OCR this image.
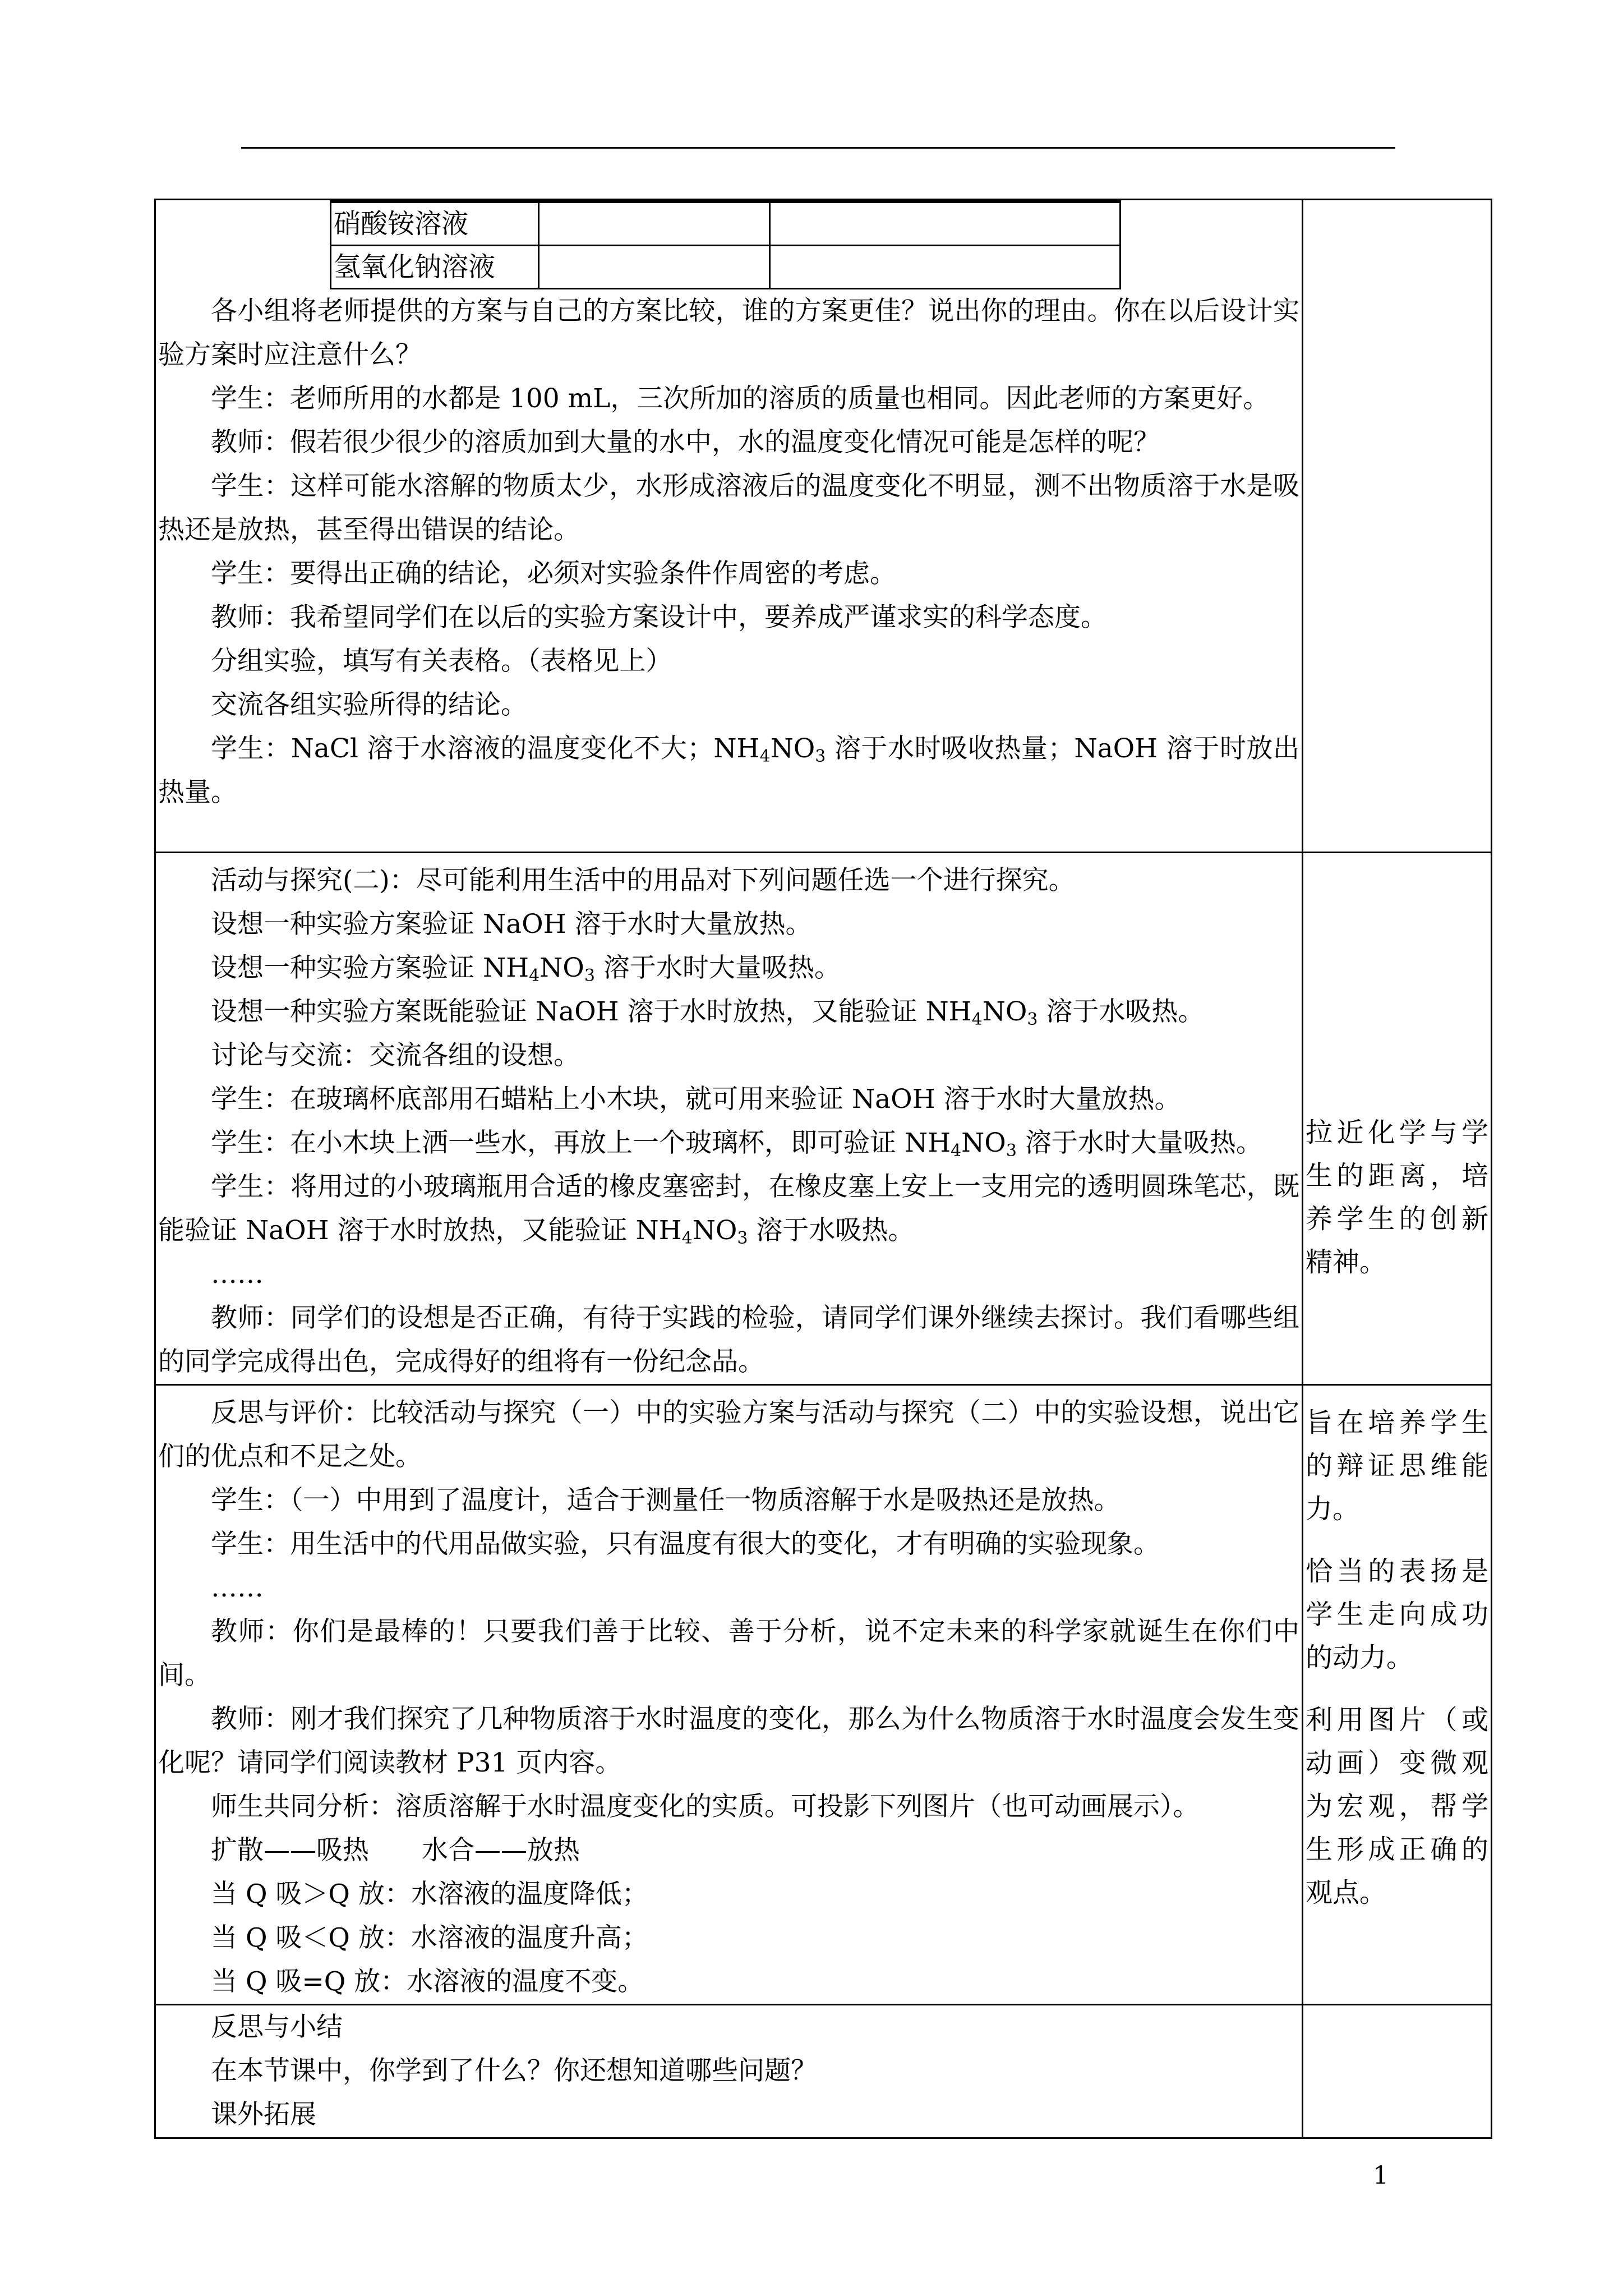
硝酸铵溶液		
氢氧化钠溶液		

各小组将老师提供的方案与自己的方案比较，谁的方案更佳？说出你的理由。你在以后设计实验方案时应注意什么？

学生：老师所用的水都是 100 mL，三次所加的溶质的质量也相同。因此老师的方案更好。

教师：假若很少很少的溶质加到大量的水中，水的温度变化情况可能是怎样的呢？

学生：这样可能水溶解的物质太少，水形成溶液后的温度变化不明显，测不出物质溶于水是吸热还是放热，甚至得出错误的结论。

学生：要得出正确的结论，必须对实验条件作周密的考虑。

教师：我希望同学们在以后的实验方案设计中，要养成严谨求实的科学态度。

分组实验，填写有关表格。（表格见上）

交流各组实验所得的结论。

学生：NaCl 溶于水溶液的温度变化不大；$NH_4NO_3$ 溶于水时吸收热量；NaOH 溶于时放出热量。

活动与探究(二)：尽可能利用生活中的用品对下列问题任选一个进行探究。

设想一种实验方案验证 NaOH 溶于水时大量放热。

设想一种实验方案验证 $NH_4NO_3$ 溶于水时大量吸热。

设想一种实验方案既能验证 NaOH 溶于水时放热，又能验证 $NH_4NO_3$ 溶于水吸热。

讨论与交流：交流各组的设想。

学生：在玻璃杯底部用石蜡粘上小木块，就可用来验证 NaOH 溶于水时大量放热。

学生：在小木块上洒一些水，再放上一个玻璃杯，即可验证 $NH_4NO_3$ 溶于水时大量吸热。

学生：将用过的小玻璃瓶用合适的橡皮塞密封，在橡皮塞上安上一支用完的透明圆珠笔芯，既能验证 NaOH 溶于水时放热，又能验证 $NH_4NO_3$ 溶于水吸热。

……

教师：同学们的设想是否正确，有待于实践的检验，请同学们课外继续去探讨。我们看哪些组的同学完成得出色，完成得好的组将有一份纪念品。

拉近化学与学生的距离，培养学生的创新精神。

反思与评价：比较活动与探究（一）中的实验方案与活动与探究（二）中的实验设想，说出它们的优点和不足之处。

学生：（一）中用到了温度计，适合于测量任一物质溶解于水是吸热还是放热。

学生：用生活中的代用品做实验，只有温度有很大的变化，才有明确的实验现象。

……

教师：你们是最棒的！只要我们善于比较、善于分析，说不定未来的科学家就诞生在你们中间。

教师：刚才我们探究了几种物质溶于水时温度的变化，那么为什么物质溶于水时温度会发生变化呢？请同学们阅读教材 P31 页内容。

师生共同分析：溶质溶解于水时温度变化的实质。可投影下列图片（也可动画展示）。

扩散——吸热　　水合——放热

当 Q 吸＞Q 放：水溶液的温度降低；

当 Q 吸＜Q 放：水溶液的温度升高；

当 Q 吸=Q 放：水溶液的温度不变。

旨在培养学生的辩证思维能力。

恰当的表扬是学生走向成功的动力。

利用图片（或动画）变微观为宏观，帮学生形成正确的观点。

反思与小结

在本节课中，你学到了什么？你还想知道哪些问题？

课外拓展

1
